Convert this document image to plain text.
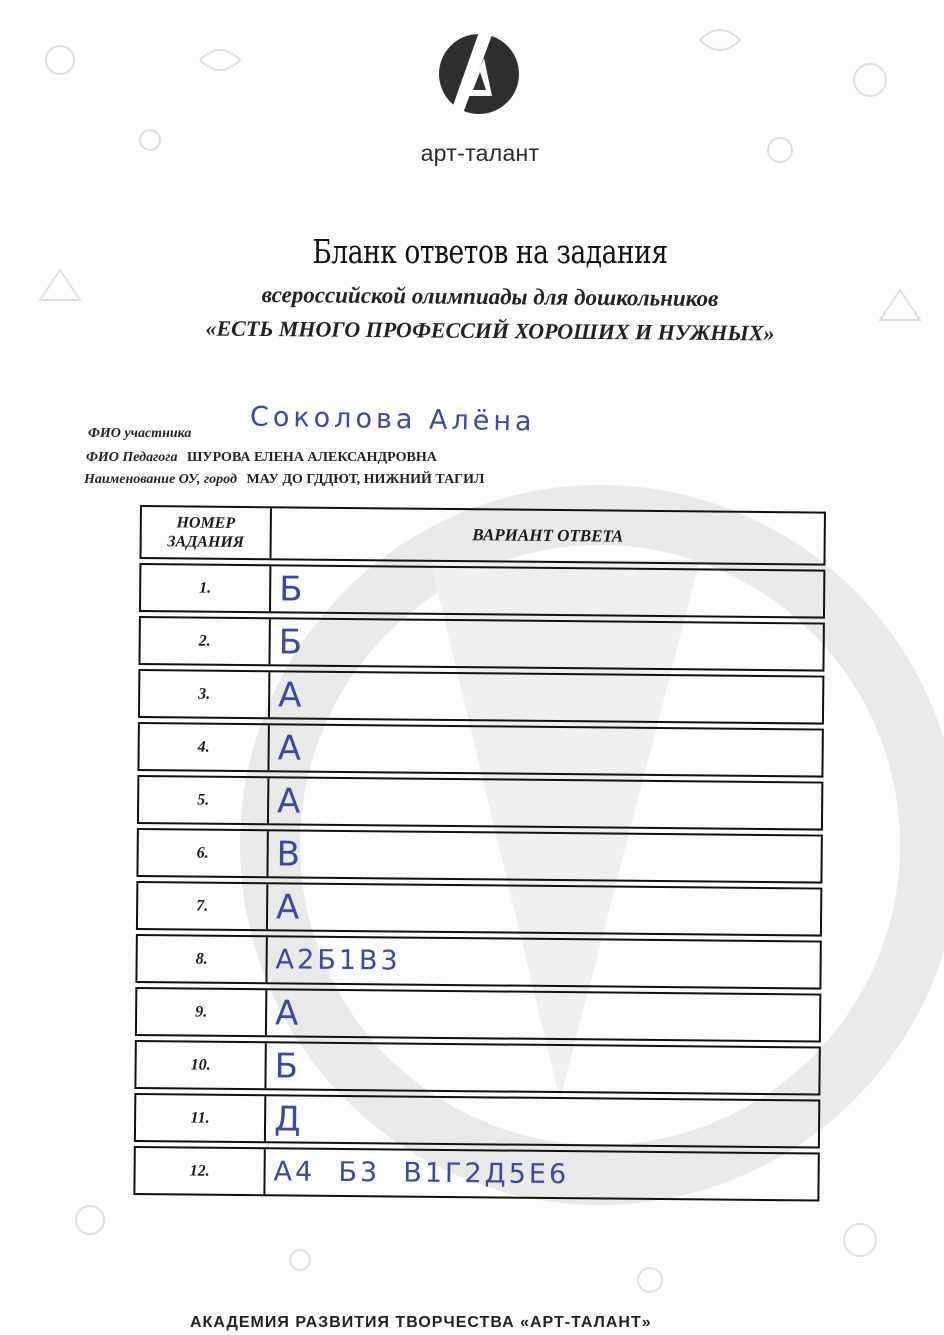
арт-талант
Бланк ответов на задания
всероссийской олимпиады для дошкольников
«ЕСТЬ МНОГО ПРОФЕССИЙ ХОРОШИХ И НУЖНЫХ»
ФИО участника Соколова Алёна
ФИО Педагога ШУРОВА ЕЛЕНА АЛЕКСАНДРОВНА
Наименование ОУ, город МАУ ДО ГДДЮТ, НИЖНИЙ ТАГИЛ
НОМЕР
ЗАДАНИЯ	ВАРИАНТ ОТВЕТА
1.	Б
2.	Б
3.	А
4.	А
5.	А
6.	В
7.	А
8.	А2Б1В3
9.	А
10.	Б
11.	Д
12.	А4  Б3  В1Г2Д5Е6
АКАДЕМИЯ РАЗВИТИЯ ТВОРЧЕСТВА «АРТ-ТАЛАНТ»
